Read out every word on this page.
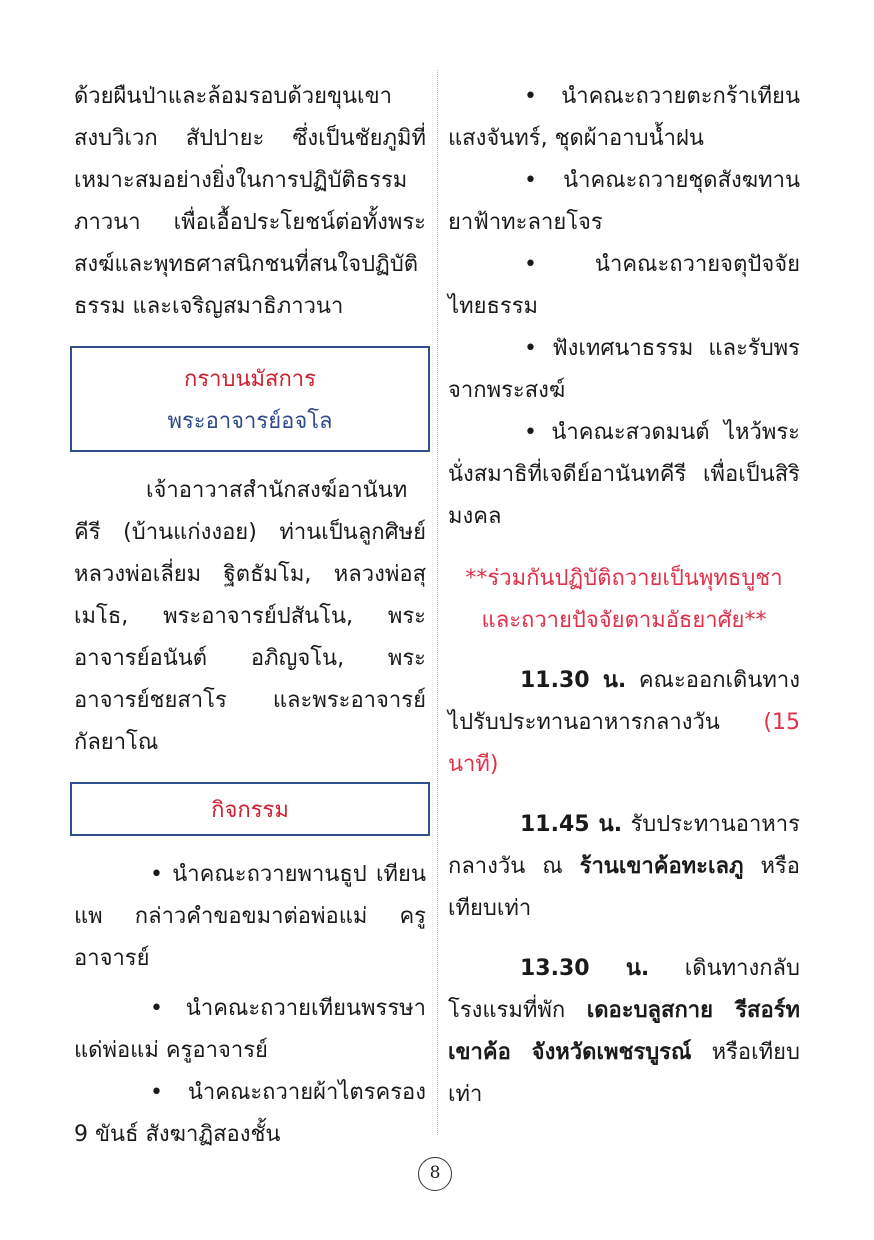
ด้วยผืนป่าและล้อมรอบด้วยขุนเขาสงบวิเวก สัปปายะ ซึ่งเป็นชัยภูมิที่เหมาะสมอย่างยิ่งในการปฏิบัติธรรมภาวนา เพื่อเอื้อประโยชน์ต่อทั้งพระสงฆ์และพุทธศาสนิกชนที่สนใจปฏิบัติธรรม และเจริญสมาธิภาวนา

กราบนมัสการ
พระอาจารย์อจโล

เจ้าอาวาสสำนักสงฆ์อานันทคีรี (บ้านแก่งงอย) ท่านเป็นลูกศิษย์หลวงพ่อเลี่ยม ฐิตธัมโม, หลวงพ่อสุเมโธ, พระอาจารย์ปสันโน, พระอาจารย์อนันต์ อภิญจโน, พระอาจารย์ชยสาโร และพระอาจารย์กัลยาโณ

กิจกรรม

• นำคณะถวายพานธูป เทียนแพ กล่าวคำขอขมาต่อพ่อแม่ ครูอาจารย์

• นำคณะถวายเทียนพรรษาแด่พ่อแม่ ครูอาจารย์

• นำคณะถวายผ้าไตรครอง 9 ขันธ์ สังฆาฏิสองชั้น

• นำคณะถวายตะกร้าเทียนแสงจันทร์, ชุดผ้าอาบน้ำฝน

• นำคณะถวายชุดสังฆทานยาฟ้าทะลายโจร

• นำคณะถวายจตุปัจจัยไทยธรรม

• ฟังเทศนาธรรม และรับพรจากพระสงฆ์

• นำคณะสวดมนต์ ไหว้พระนั่งสมาธิที่เจดีย์อานันทคีรี เพื่อเป็นสิริมงคล

**ร่วมกันปฏิบัติถวายเป็นพุทธบูชา
และถวายปัจจัยตามอัธยาศัย**

11.30 น. คณะออกเดินทางไปรับประทานอาหารกลางวัน (15 นาที)

11.45 น. รับประทานอาหารกลางวัน ณ ร้านเขาค้อทะเลภู หรือเทียบเท่า

13.30 น. เดินทางกลับโรงแรมที่พัก เดอะบลูสกาย รีสอร์ท เขาค้อ จังหวัดเพชรบูรณ์ หรือเทียบเท่า

8
